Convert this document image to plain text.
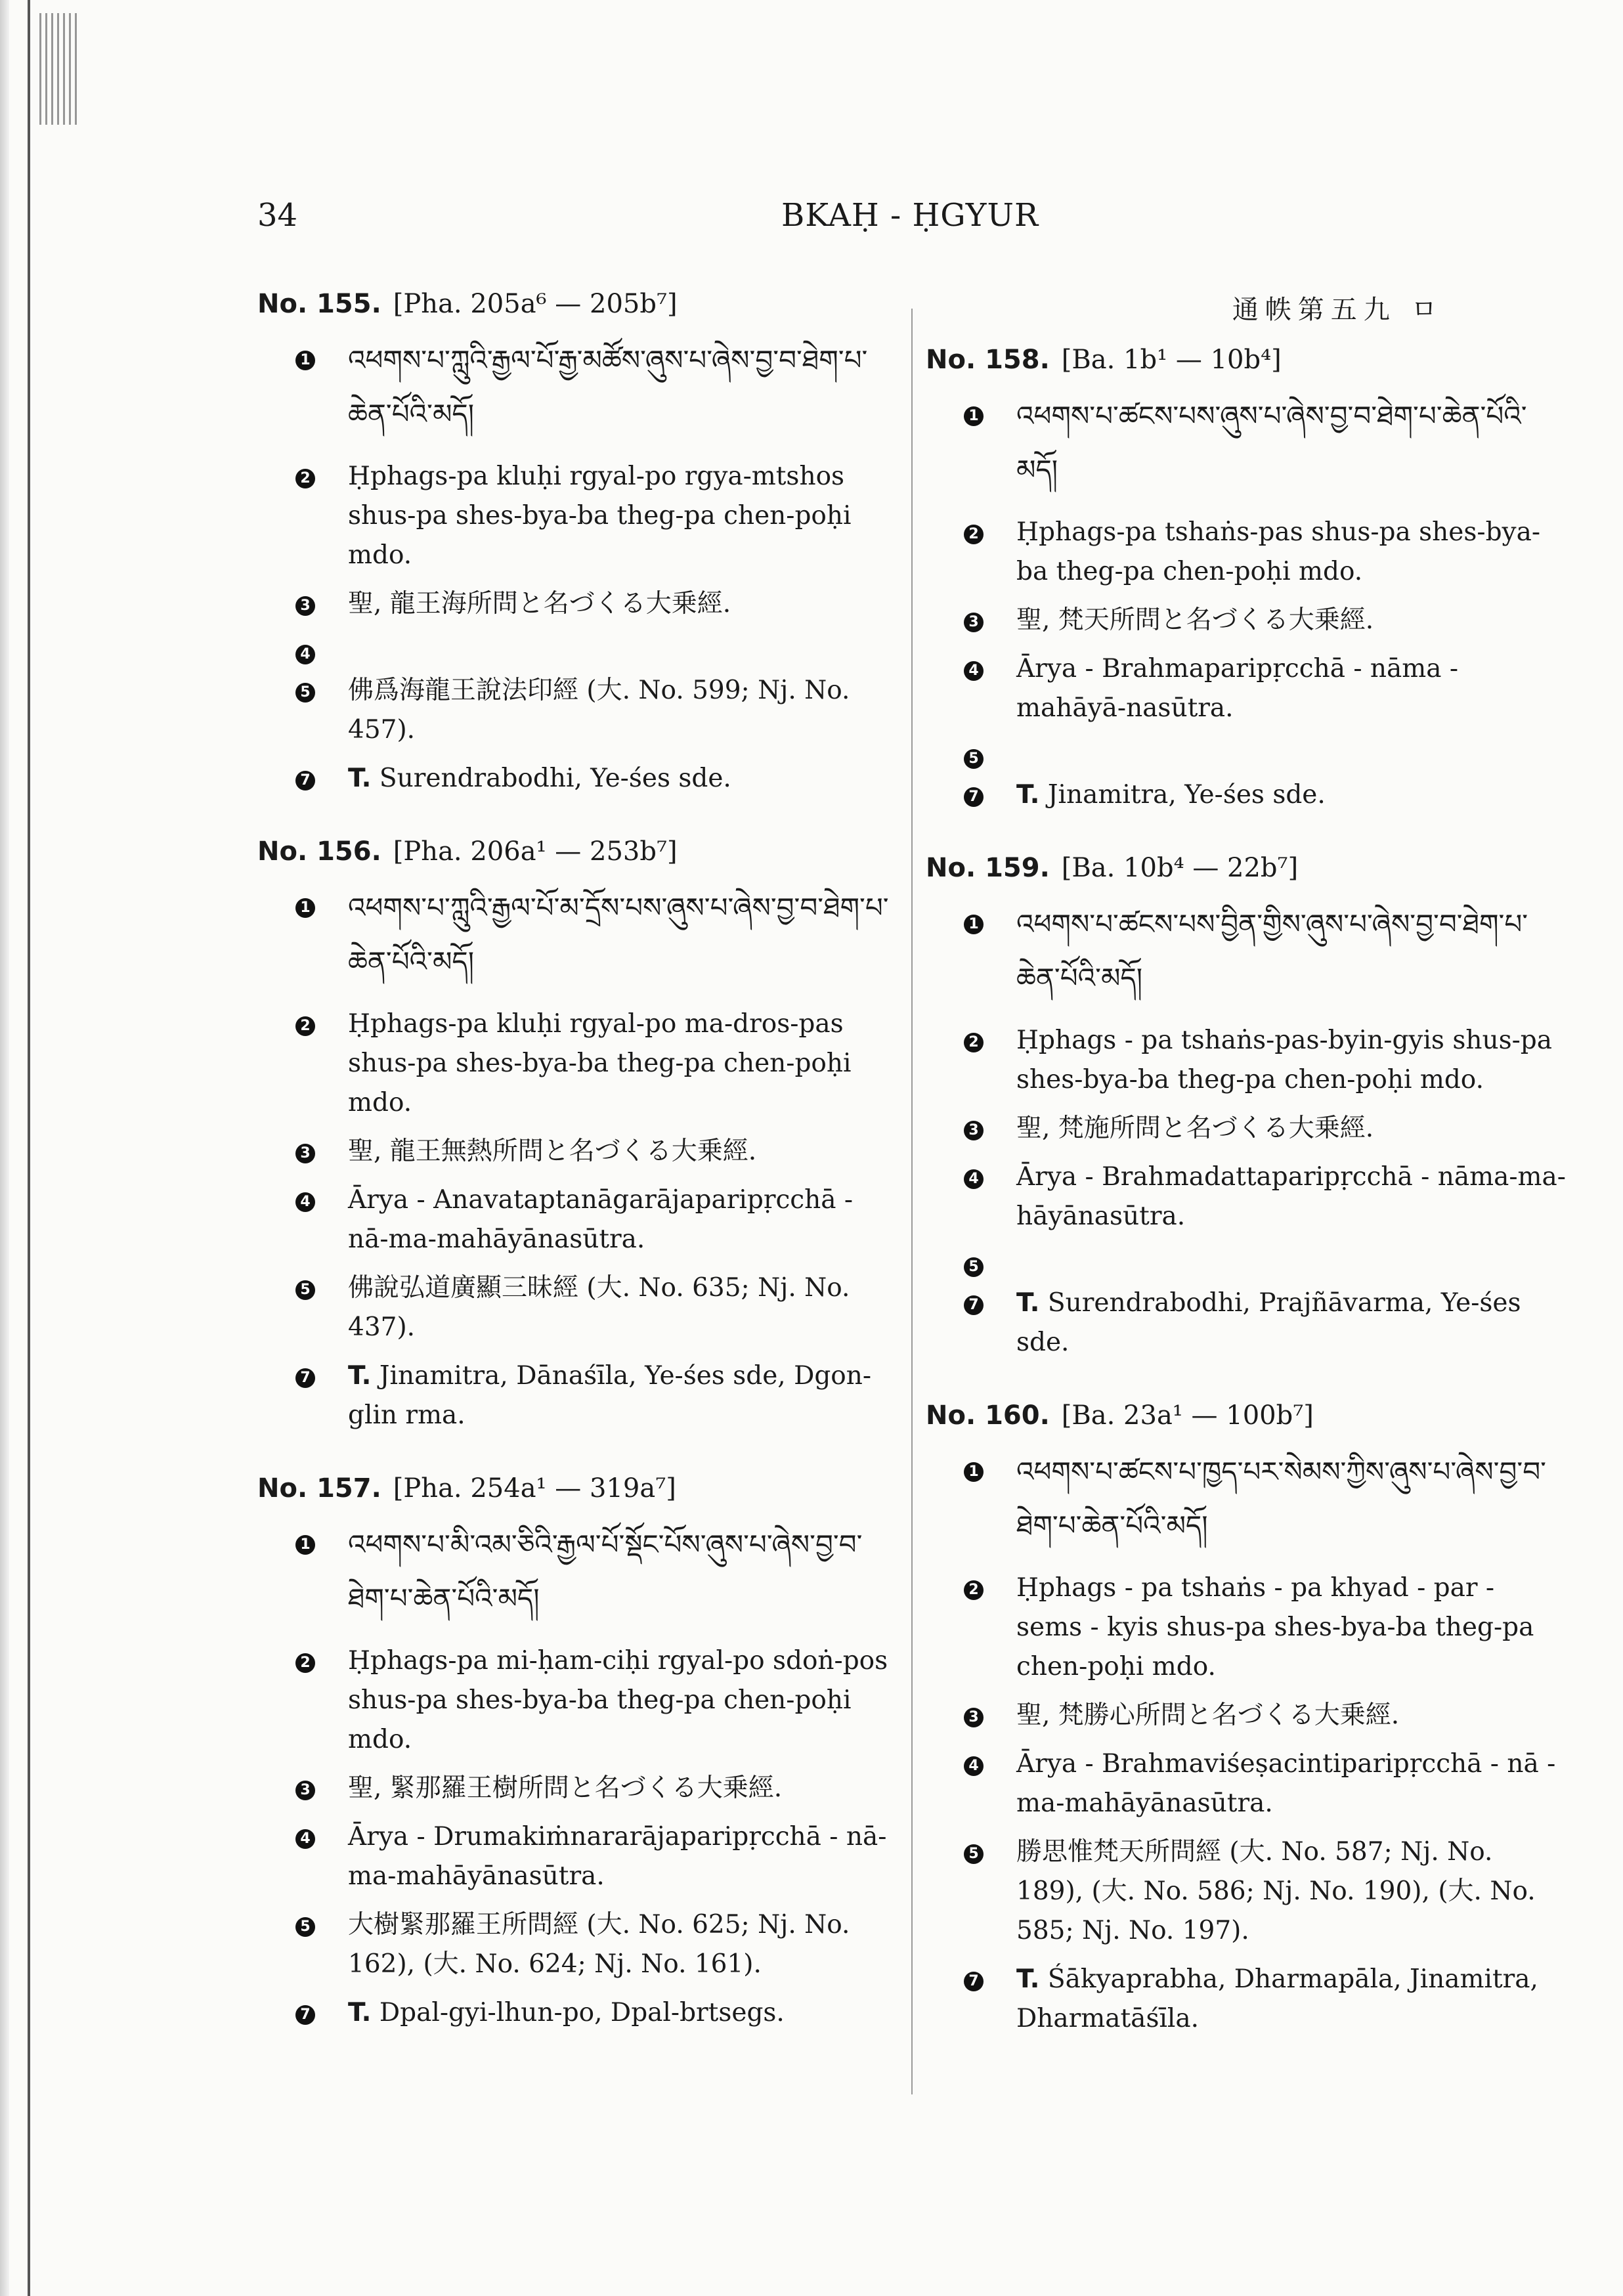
34	BKAḤ - ḤGYUR
No. 155. [Pha. 205a⁶ — 205b⁷]
1 འཕགས་པ་ཀླུའི་རྒྱལ་པོ་རྒྱ་མཚོས་ཞུས་པ་ཞེས་བྱ་བ་ཐེག་པ་ཆེན་པོའི་མདོ།
2 Ḥphags-pa kluḥi rgyal-po rgya-mtshos shus-pa shes-bya-ba theg-pa chen-poḥi mdo.
3 聖, 龍王海所問と名づくる大乗經.
4
5 佛爲海龍王說法印經 (大. No. 599; Nj. No. 457).
7 T. Surendrabodhi, Ye-śes sde.
No. 156. [Pha. 206a¹ — 253b⁷]
1 འཕགས་པ་ཀླུའི་རྒྱལ་པོ་མ་དྲོས་པས་ཞུས་པ་ཞེས་བྱ་བ་ཐེག་པ་ཆེན་པོའི་མདོ།
2 Ḥphags-pa kluḥi rgyal-po ma-dros-pas shus-pa shes-bya-ba theg-pa chen-poḥi mdo.
3 聖, 龍王無熱所問と名づくる大乗經.
4 Ārya - Anavataptanāgarājaparipṛcchā - nā-ma-mahāyānasūtra.
5 佛說弘道廣顯三昧經 (大. No. 635; Nj. No. 437).
7 T. Jinamitra, Dānaśīla, Ye-śes sde, Dgon-glin rma.
No. 157. [Pha. 254a¹ — 319a⁷]
1 འཕགས་པ་མི་འམ་ཅིའི་རྒྱལ་པོ་སྡོང་པོས་ཞུས་པ་ཞེས་བྱ་བ་ཐེག་པ་ཆེན་པོའི་མདོ།
2 Ḥphags-pa mi-ḥam-ciḥi rgyal-po sdoṅ-pos shus-pa shes-bya-ba theg-pa chen-poḥi mdo.
3 聖, 緊那羅王樹所問と名づくる大乗經.
4 Ārya - Drumakiṁnararājaparipṛcchā - nā-ma-mahāyānasūtra.
5 大樹緊那羅王所問經 (大. No. 625; Nj. No. 162), (大. No. 624; Nj. No. 161).
7 T. Dpal-gyi-lhun-po, Dpal-brtsegs.
通帙第五九 ㅁ
No. 158. [Ba. 1b¹ — 10b⁴]
1 འཕགས་པ་ཚངས་པས་ཞུས་པ་ཞེས་བྱ་བ་ཐེག་པ་ཆེན་པོའི་མདོ།
2 Ḥphags-pa tshaṅs-pas shus-pa shes-bya-ba theg-pa chen-poḥi mdo.
3 聖, 梵天所問と名づくる大乗經.
4 Ārya - Brahmaparipṛcchā - nāma - mahāyā-nasūtra.
5
7 T. Jinamitra, Ye-śes sde.
No. 159. [Ba. 10b⁴ — 22b⁷]
1 འཕགས་པ་ཚངས་པས་བྱིན་གྱིས་ཞུས་པ་ཞེས་བྱ་བ་ཐེག་པ་ཆེན་པོའི་མདོ།
2 Ḥphags - pa tshaṅs-pas-byin-gyis shus-pa shes-bya-ba theg-pa chen-poḥi mdo.
3 聖, 梵施所問と名づくる大乗經.
4 Ārya - Brahmadattaparipṛcchā - nāma-ma-hāyānasūtra.
5
7 T. Surendrabodhi, Prajñāvarma, Ye-śes sde.
No. 160. [Ba. 23a¹ — 100b⁷]
1 འཕགས་པ་ཚངས་པ་ཁྱད་པར་སེམས་ཀྱིས་ཞུས་པ་ཞེས་བྱ་བ་ཐེག་པ་ཆེན་པོའི་མདོ།
2 Ḥphags - pa tshaṅs - pa khyad - par - sems - kyis shus-pa shes-bya-ba theg-pa chen-poḥi mdo.
3 聖, 梵勝心所問と名づくる大乗經.
4 Ārya - Brahmaviśeṣacintiparipṛcchā - nā - ma-mahāyānasūtra.
5 勝思惟梵天所問經 (大. No. 587; Nj. No. 189), (大. No. 586; Nj. No. 190), (大. No. 585; Nj. No. 197).
7 T. Śākyaprabha, Dharmapāla, Jinamitra, Dharmatāśīla.
